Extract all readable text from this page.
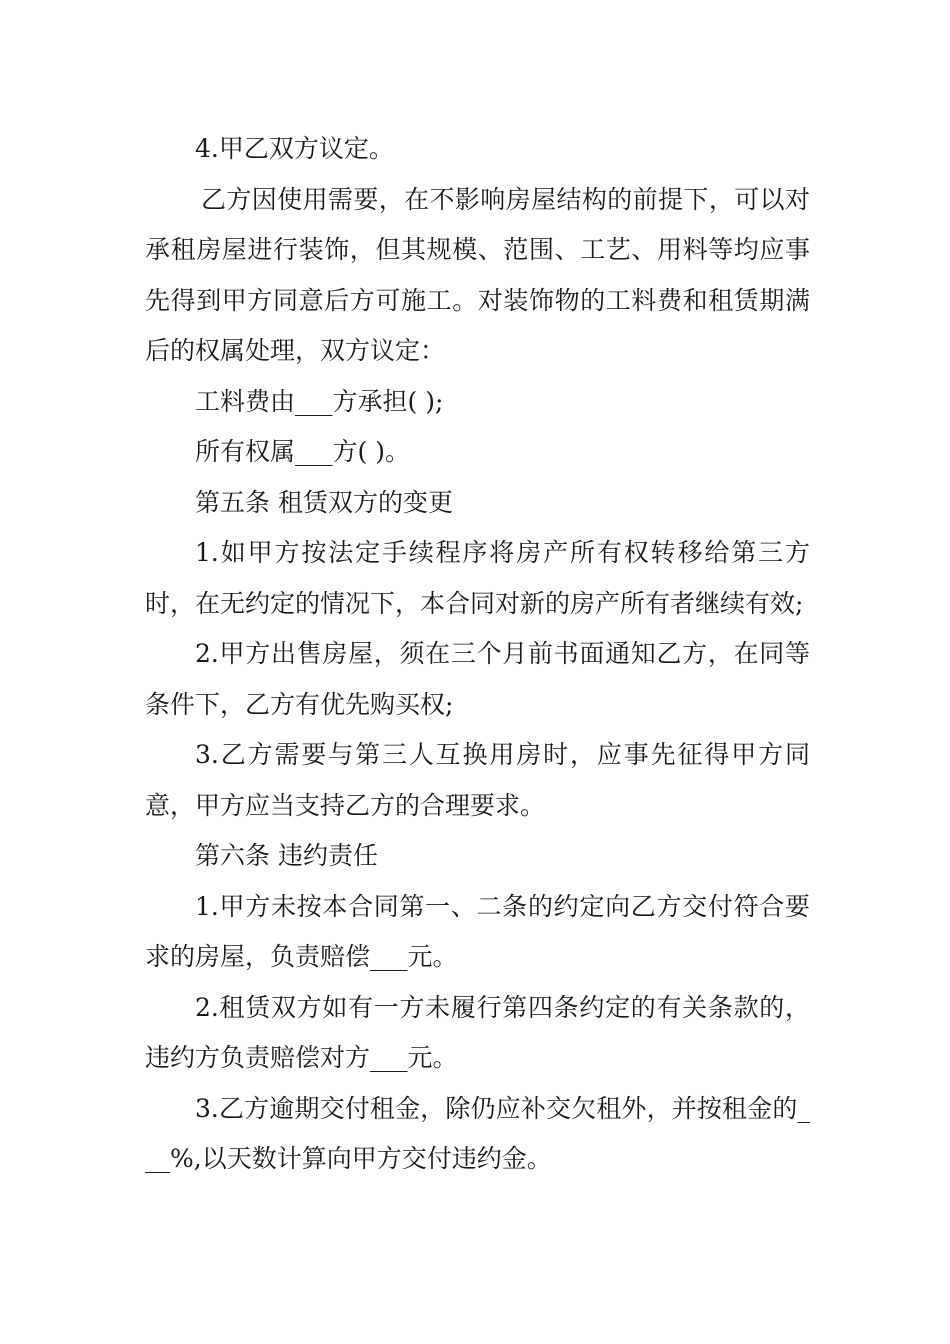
4.甲乙双方议定。

乙方因使用需要，在不影响房屋结构的前提下，可以对承租房屋进行装饰，但其规模、范围、工艺、用料等均应事先得到甲方同意后方可施工。对装饰物的工料费和租赁期满后的权属处理，双方议定：

工料费由___方承担( );

所有权属___方( )。

第五条 租赁双方的变更

1.如甲方按法定手续程序将房产所有权转移给第三方时，在无约定的情况下，本合同对新的房产所有者继续有效;

2.甲方出售房屋，须在三个月前书面通知乙方，在同等条件下，乙方有优先购买权;

3.乙方需要与第三人互换用房时，应事先征得甲方同意，甲方应当支持乙方的合理要求。

第六条 违约责任

1.甲方未按本合同第一、二条的约定向乙方交付符合要求的房屋，负责赔偿___元。

2.租赁双方如有一方未履行第四条约定的有关条款的，违约方负责赔偿对方___元。

3.乙方逾期交付租金，除仍应补交欠租外，并按租金的___%,以天数计算向甲方交付违约金。
